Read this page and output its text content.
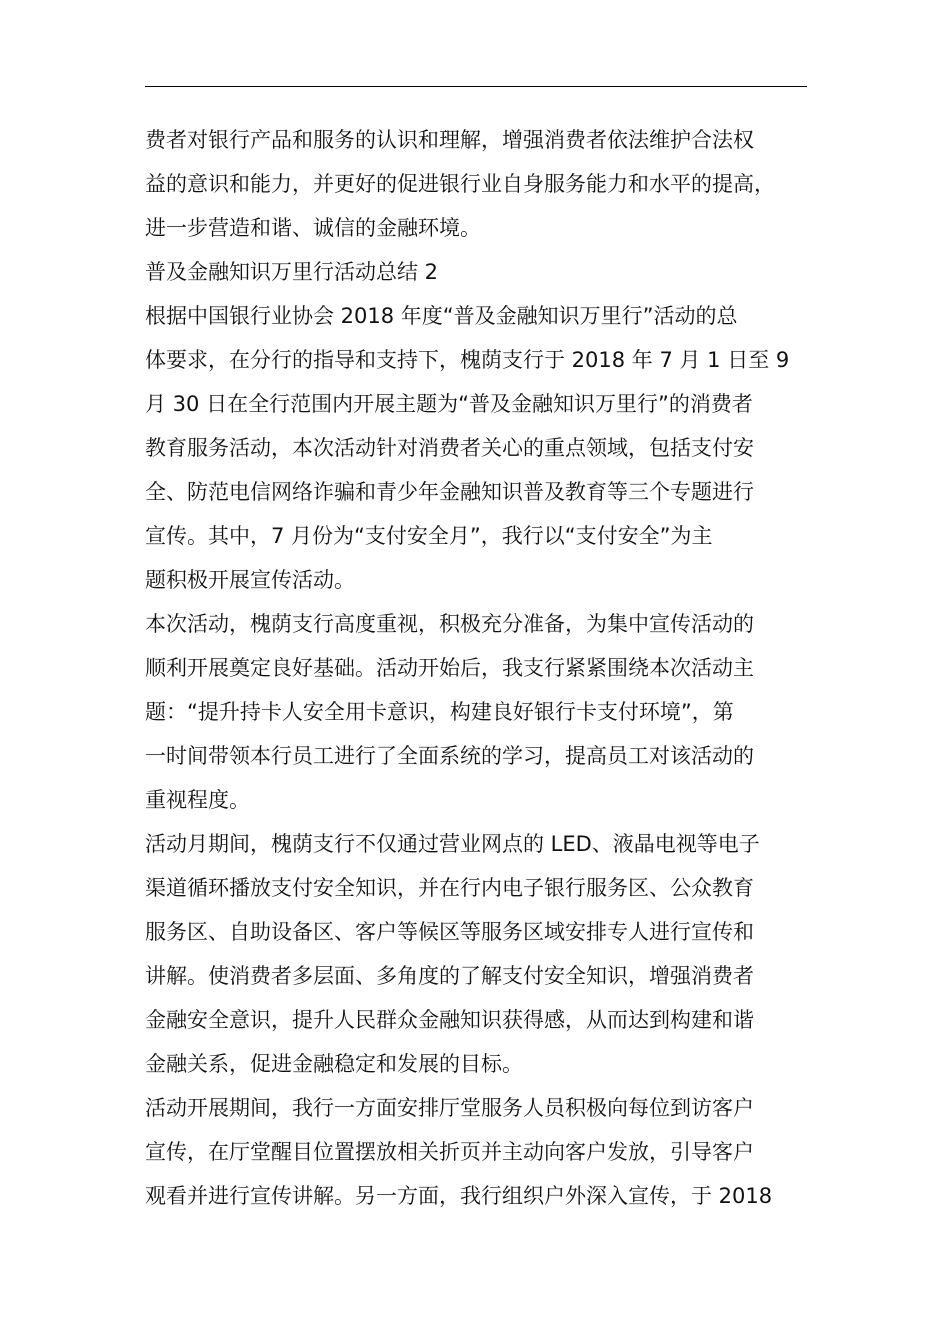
费者对银行产品和服务的认识和理解，增强消费者依法维护合法权
益的意识和能力，并更好的促进银行业自身服务能力和水平的提高，
进一步营造和谐、诚信的金融环境。
普及金融知识万里行活动总结 2
根据中国银行业协会 2018 年度“普及金融知识万里行”活动的总
体要求，在分行的指导和支持下，槐荫支行于 2018 年 7 月 1 日至 9
月 30 日在全行范围内开展主题为“普及金融知识万里行”的消费者
教育服务活动，本次活动针对消费者关心的重点领域，包括支付安
全、防范电信网络诈骗和青少年金融知识普及教育等三个专题进行
宣传。其中，7 月份为“支付安全月”，我行以“支付安全”为主
题积极开展宣传活动。
本次活动，槐荫支行高度重视，积极充分准备，为集中宣传活动的
顺利开展奠定良好基础。活动开始后，我支行紧紧围绕本次活动主
题：“提升持卡人安全用卡意识，构建良好银行卡支付环境”，第
一时间带领本行员工进行了全面系统的学习，提高员工对该活动的
重视程度。
活动月期间，槐荫支行不仅通过营业网点的 LED、液晶电视等电子
渠道循环播放支付安全知识，并在行内电子银行服务区、公众教育
服务区、自助设备区、客户等候区等服务区域安排专人进行宣传和
讲解。使消费者多层面、多角度的了解支付安全知识，增强消费者
金融安全意识，提升人民群众金融知识获得感，从而达到构建和谐
金融关系，促进金融稳定和发展的目标。
活动开展期间，我行一方面安排厅堂服务人员积极向每位到访客户
宣传，在厅堂醒目位置摆放相关折页并主动向客户发放，引导客户
观看并进行宣传讲解。另一方面，我行组织户外深入宣传，于 2018
